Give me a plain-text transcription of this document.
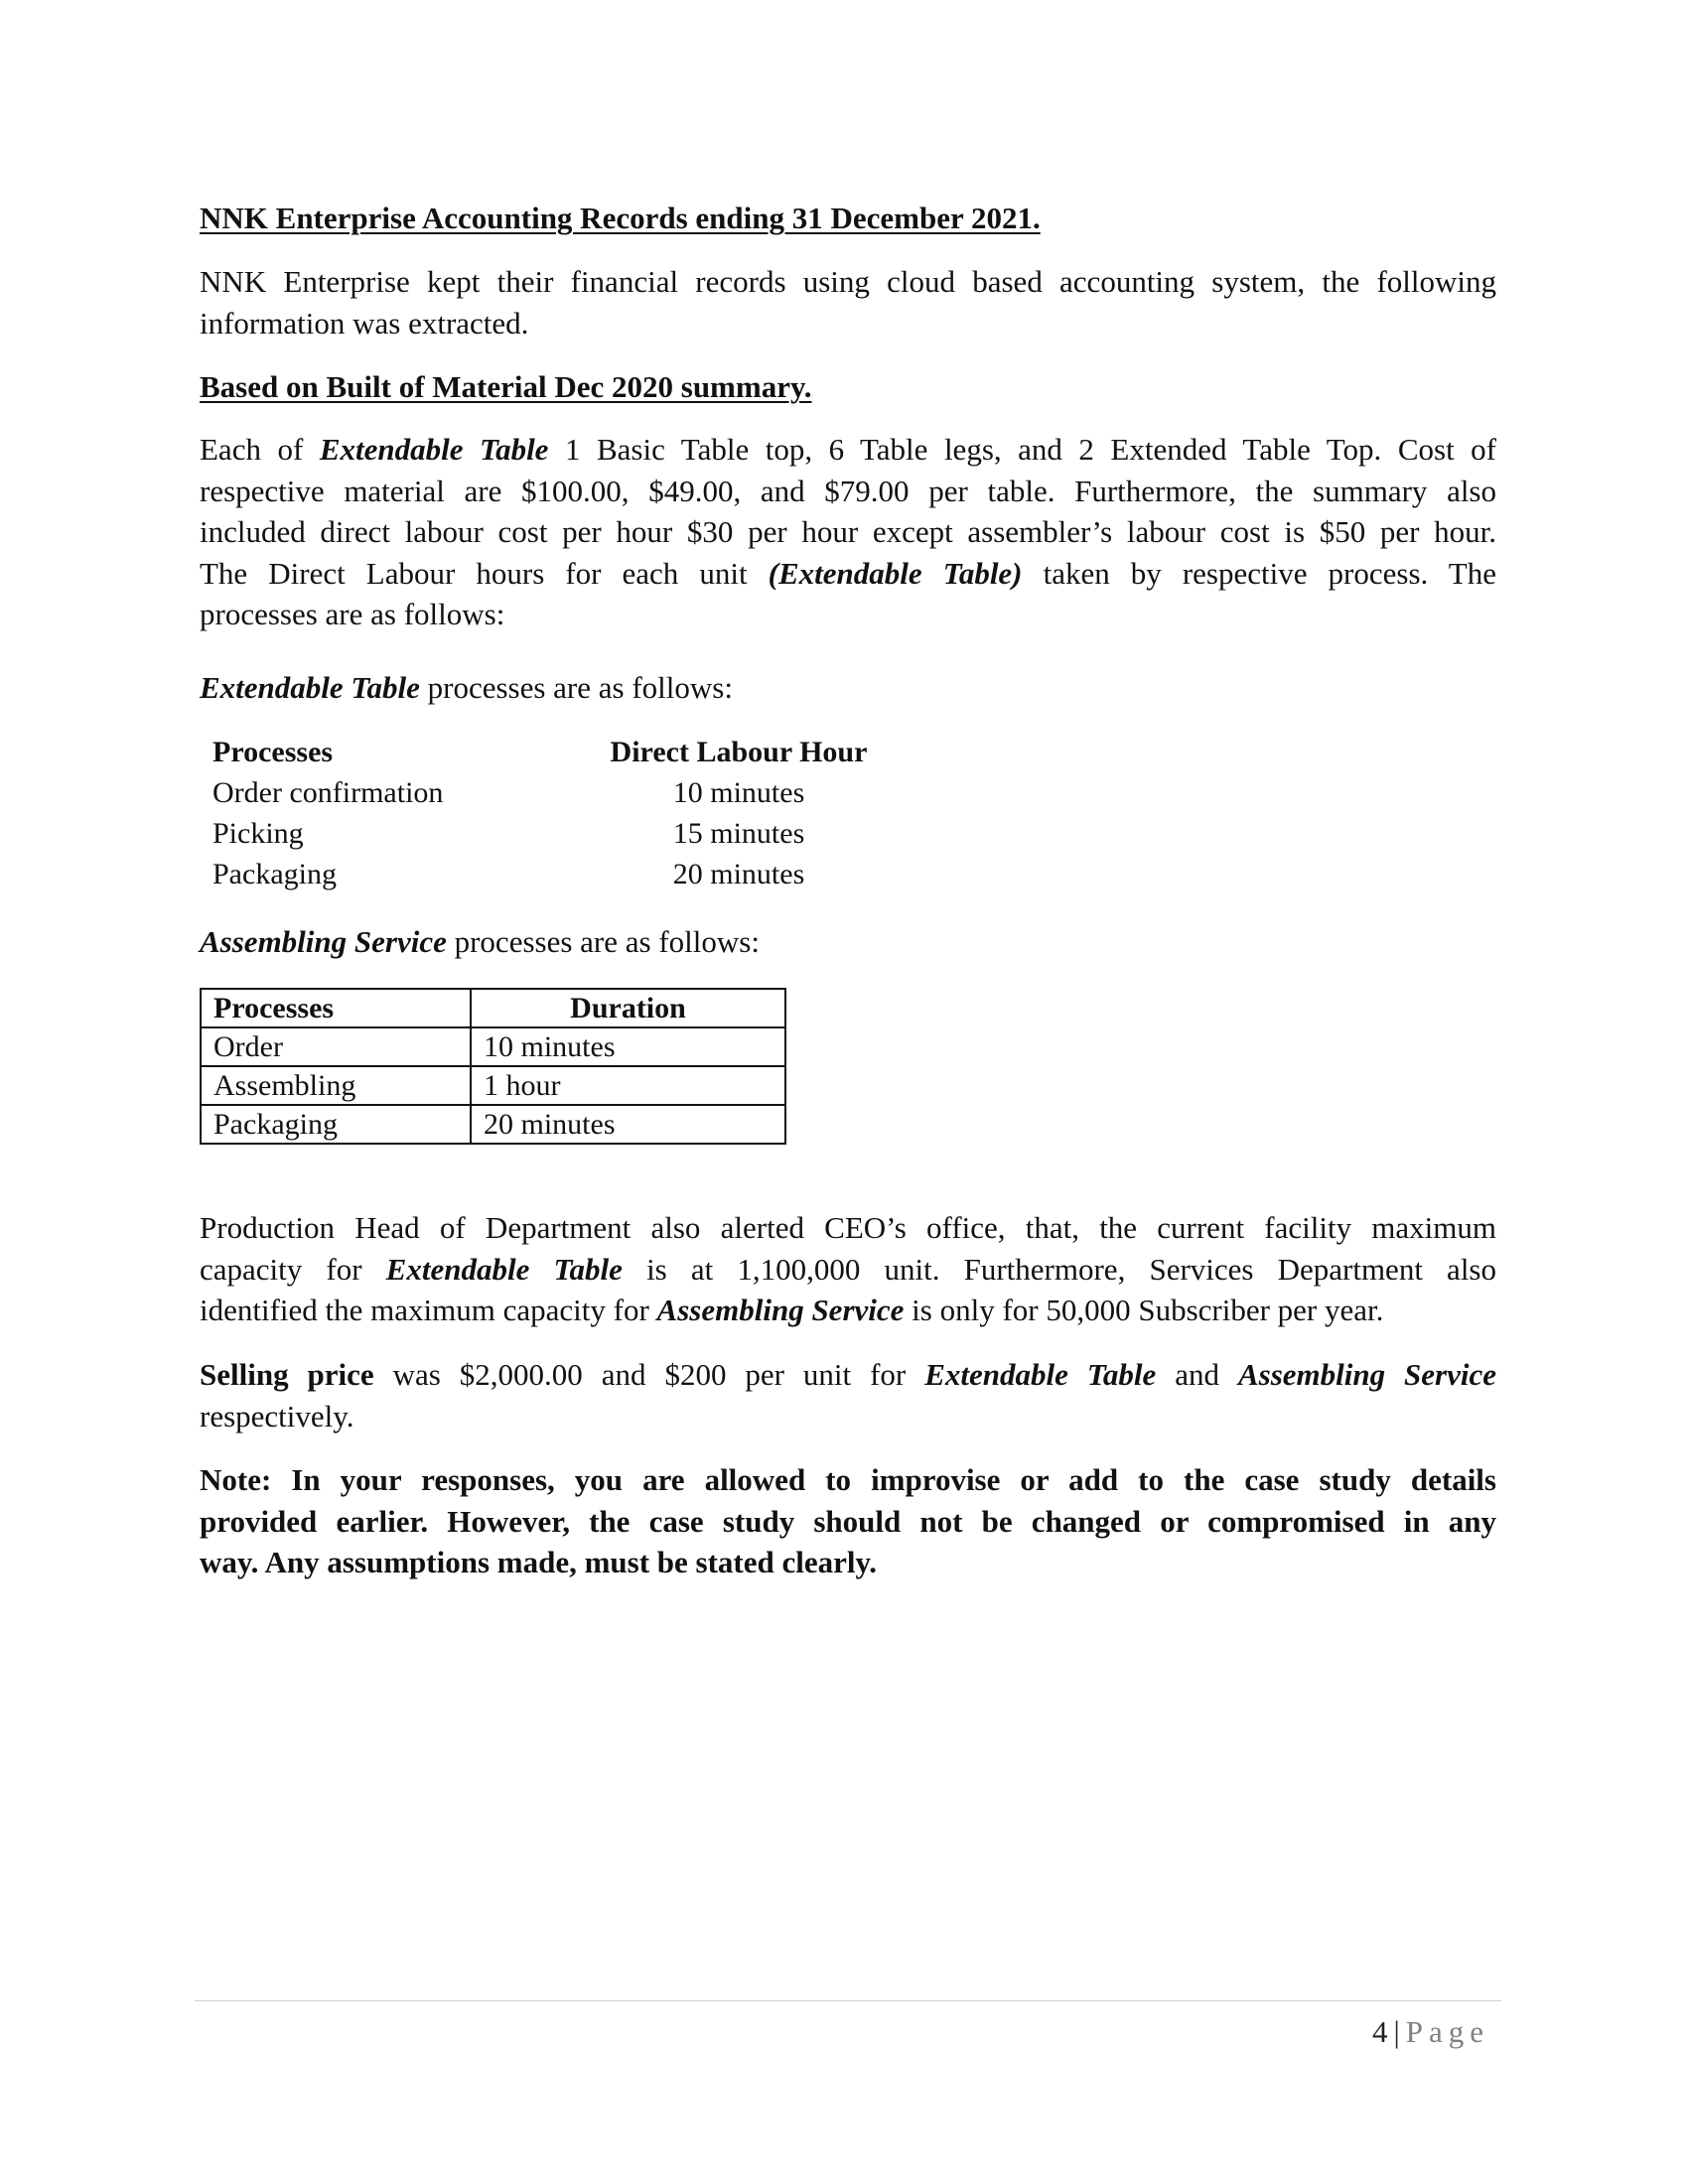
NNK Enterprise Accounting Records ending 31 December 2021.
NNK Enterprise kept their financial records using cloud based accounting system, the following
information was extracted.
Based on Built of Material Dec 2020 summary.
Each of Extendable Table 1 Basic Table top, 6 Table legs, and 2 Extended Table Top. Cost of
respective material are $100.00, $49.00, and $79.00 per table. Furthermore, the summary also
included direct labour cost per hour $30 per hour except assembler’s labour cost is $50 per hour.
The Direct Labour hours for each unit (Extendable Table) taken by respective process. The
processes are as follows:
Extendable Table processes are as follows:
Processes	Direct Labour Hour
Order confirmation	10 minutes
Picking	15 minutes
Packaging	20 minutes
Assembling Service processes are as follows:
Processes	Duration
Order	10 minutes
Assembling	1 hour
Packaging	20 minutes
Production Head of Department also alerted CEO’s office, that, the current facility maximum
capacity for Extendable Table is at 1,100,000 unit. Furthermore, Services Department also
identified the maximum capacity for Assembling Service is only for 50,000 Subscriber per year.
Selling price was $2,000.00 and $200 per unit for Extendable Table and Assembling Service
respectively.
Note: In your responses, you are allowed to improvise or add to the case study details
provided earlier. However, the case study should not be changed or compromised in any
way. Any assumptions made, must be stated clearly.
4 | Page
